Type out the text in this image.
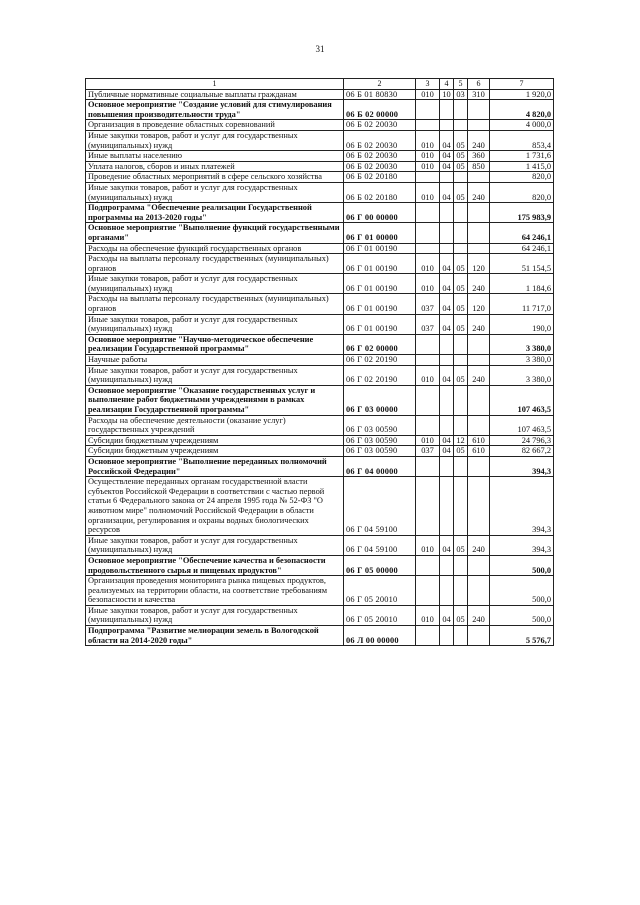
31
1	2	3	4	5	6	7
Публичные нормативные социальные выплаты гражданам	06 Б 01 80830	010	10	03	310	1 920,0
Основное мероприятие "Создание условий для стимулирования повышения производительности труда"	06 Б 02 00000					4 820,0
Организация в проведение областных соревнований	06 Б 02 20030					4 000,0
Иные закупки товаров, работ и услуг для государственных (муниципальных) нужд	06 Б 02 20030	010	04	05	240	853,4
Иные выплаты населению	06 Б 02 20030	010	04	05	360	1 731,6
Уплата налогов, сборов и иных платежей	06 Б 02 20030	010	04	05	850	1 415,0
Проведение областных мероприятий в сфере сельского хозяйства	06 Б 02 20180					820,0
Иные закупки товаров, работ и услуг для государственных (муниципальных) нужд	06 Б 02 20180	010	04	05	240	820,0
Подпрограмма "Обеспечение реализации Государственной программы на 2013-2020 годы"	06 Г 00 00000					175 983,9
Основное мероприятие "Выполнение функций государственными органами"	06 Г 01 00000					64 246,1
Расходы на обеспечение функций государственных органов	06 Г 01 00190					64 246,1
Расходы на выплаты персоналу государственных (муниципальных) органов	06 Г 01 00190	010	04	05	120	51 154,5
Иные закупки товаров, работ и услуг для государственных (муниципальных) нужд	06 Г 01 00190	010	04	05	240	1 184,6
Расходы на выплаты персоналу государственных (муниципальных) органов	06 Г 01 00190	037	04	05	120	11 717,0
Иные закупки товаров, работ и услуг для государственных (муниципальных) нужд	06 Г 01 00190	037	04	05	240	190,0
Основное мероприятие "Научно-методическое обеспечение реализации Государственной программы"	06 Г 02 00000					3 380,0
Научные работы	06 Г 02 20190					3 380,0
Иные закупки товаров, работ и услуг для государственных (муниципальных) нужд	06 Г 02 20190	010	04	05	240	3 380,0
Основное мероприятие "Оказание государственных услуг и выполнение работ бюджетными учреждениями в рамках реализации Государственной программы"	06 Г 03 00000					107 463,5
Расходы на обеспечение деятельности (оказание услуг) государственных учреждений	06 Г 03 00590					107 463,5
Субсидии бюджетным учреждениям	06 Г 03 00590	010	04	12	610	24 796,3
Субсидии бюджетным учреждениям	06 Г 03 00590	037	04	05	610	82 667,2
Основное мероприятие "Выполнение переданных полномочий Российской Федерации"	06 Г 04 00000					394,3
Осуществление переданных органам государственной власти субъектов Российской Федерации в соответствии с частью первой статьи 6 Федерального закона от 24 апреля 1995 года № 52-ФЗ "О животном мире" полномочий Российской Федерации в области организации, регулирования и охраны водных биологических ресурсов	06 Г 04 59100					394,3
Иные закупки товаров, работ и услуг для государственных (муниципальных) нужд	06 Г 04 59100	010	04	05	240	394,3
Основное мероприятие "Обеспечение качества и безопасности продовольственного сырья и пищевых продуктов"	06 Г 05 00000					500,0
Организация проведения мониторинга рынка пищевых продуктов, реализуемых на территории области, на соответствие требованиям безопасности и качества	06 Г 05 20010					500,0
Иные закупки товаров, работ и услуг для государственных (муниципальных) нужд	06 Г 05 20010	010	04	05	240	500,0
Подпрограмма "Развитие мелиорации земель в Вологодской области на 2014-2020 годы"	06 Л 00 00000					5 576,7
